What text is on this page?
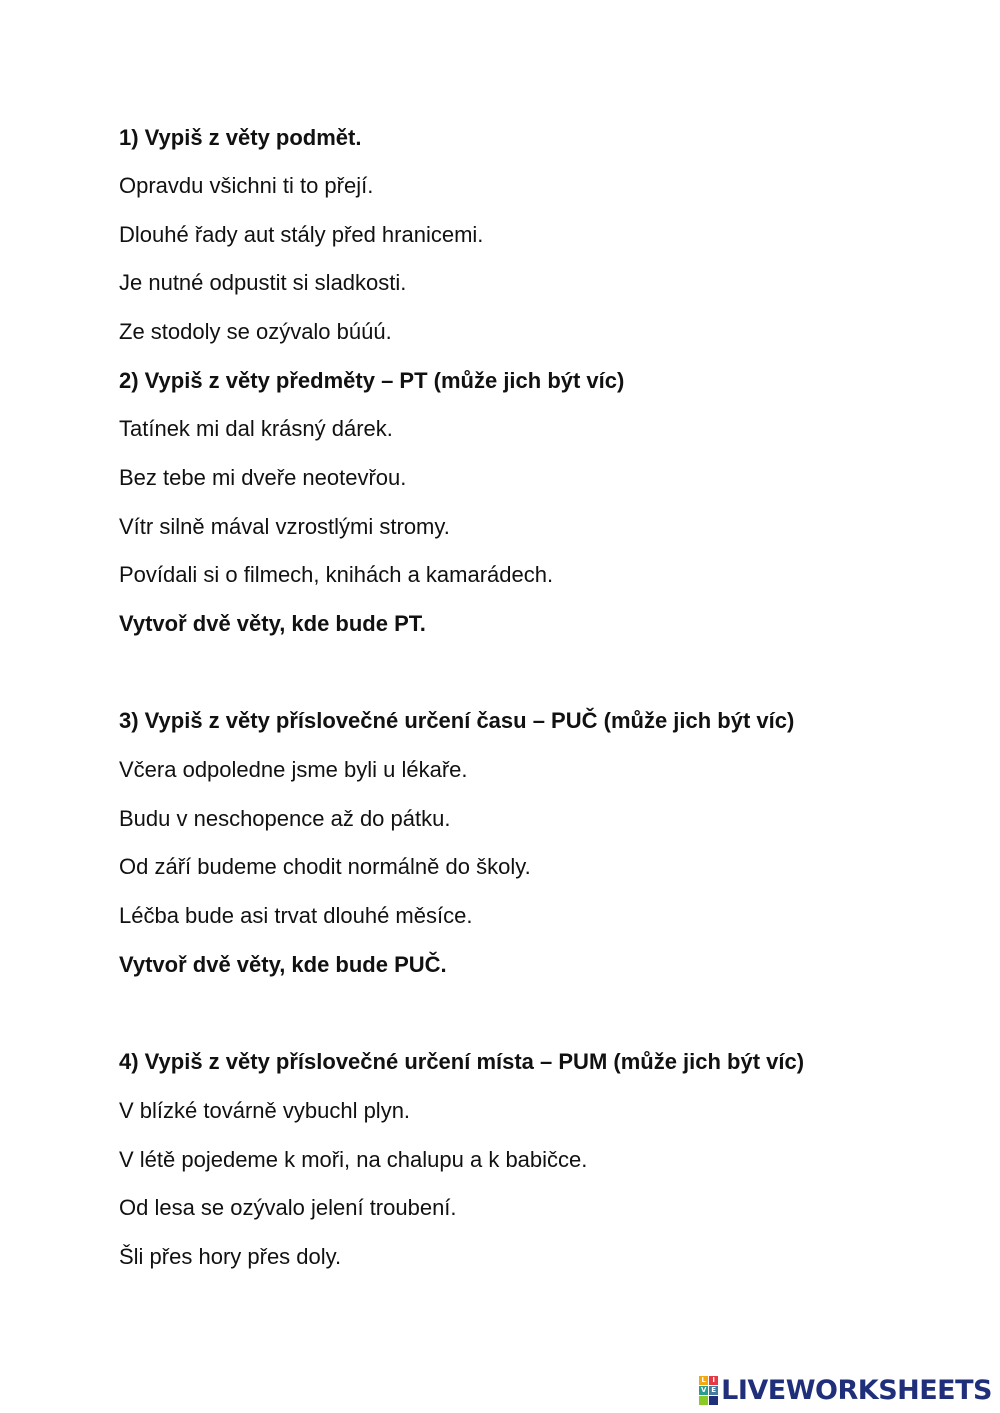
1) Vypiš z věty podmět.

Opravdu všichni ti to přejí.

Dlouhé řady aut stály před hranicemi.

Je nutné odpustit si sladkosti.

Ze stodoly se ozývalo búúú.

2) Vypiš z věty předměty – PT (může jich být víc)

Tatínek mi dal krásný dárek.

Bez tebe mi dveře neotevřou.

Vítr silně mával vzrostlými stromy.

Povídali si o filmech, knihách a kamarádech.

Vytvoř dvě věty, kde bude PT.

3) Vypiš z věty příslovečné určení času – PUČ (může jich být víc)

Včera odpoledne jsme byli u lékaře.

Budu v neschopence až do pátku.

Od září budeme chodit normálně do školy.

Léčba bude asi trvat dlouhé měsíce.

Vytvoř dvě věty, kde bude PUČ.

4) Vypiš z věty příslovečné určení místa – PUM (může jich být víc)

V blízké továrně vybuchl plyn.

V létě pojedeme k moři, na chalupu a k babičce.

Od lesa se ozývalo jelení troubení.

Šli přes hory přes doly.

L I
V E LIVEWORKSHEETS
